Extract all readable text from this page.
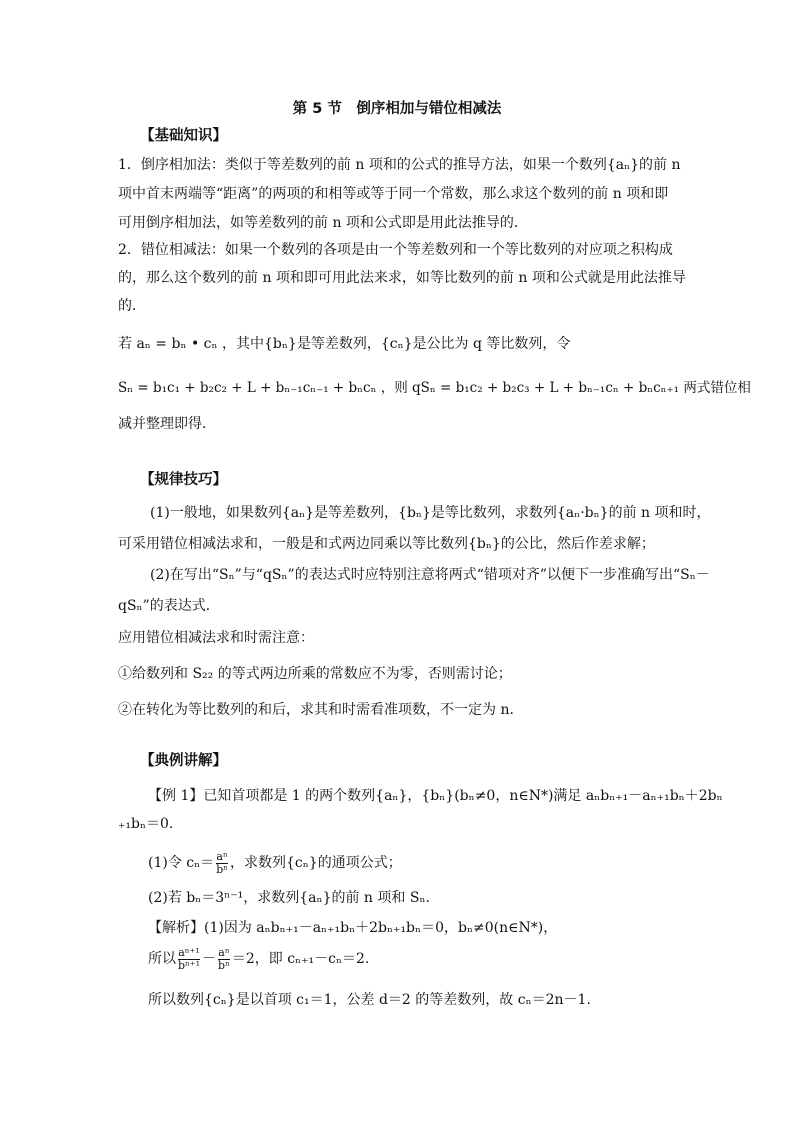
第 5 节　倒序相加与错位相减法
【基础知识】
1．倒序相加法：类似于等差数列的前 n 项和的公式的推导方法，如果一个数列{aₙ}的前 n
项中首末两端等“距离”的两项的和相等或等于同一个常数，那么求这个数列的前 n 项和即
可用倒序相加法，如等差数列的前 n 项和公式即是用此法推导的．
2．错位相减法：如果一个数列的各项是由一个等差数列和一个等比数列的对应项之积构成
的，那么这个数列的前 n 项和即可用此法来求，如等比数列的前 n 项和公式就是用此法推导
的．
若 aₙ = bₙ • cₙ ，其中{bₙ}是等差数列，{cₙ}是公比为 q 等比数列，令
Sₙ = b₁c₁ + b₂c₂ + L + bₙ₋₁cₙ₋₁ + bₙcₙ ，则 qSₙ = b₁c₂ + b₂c₃ + L + bₙ₋₁cₙ + bₙcₙ₊₁ 两式错位相
减并整理即得．
【规律技巧】
(1)一般地，如果数列{aₙ}是等差数列，{bₙ}是等比数列，求数列{aₙ·bₙ}的前 n 项和时，
可采用错位相减法求和，一般是和式两边同乘以等比数列{bₙ}的公比，然后作差求解；
(2)在写出“Sₙ”与“qSₙ”的表达式时应特别注意将两式“错项对齐”以便下一步准确写出“Sₙ－
qSₙ”的表达式．
应用错位相减法求和时需注意：
①给数列和 S₂₂ 的等式两边所乘的常数应不为零，否则需讨论；
②在转化为等比数列的和后，求其和时需看准项数，不一定为 n.
【典例讲解】
【例 1】已知首项都是 1 的两个数列{aₙ}，{bₙ}(bₙ≠0，n∈N*)满足 aₙbₙ₊₁－aₙ₊₁bₙ＋2bₙ
₊₁bₙ＝0.
(1)令 $c_n= \frac{\text{aⁿ}}{\text{bⁿ}}$ ，求数列{cₙ}的通项公式；
(2)若 bₙ＝3ⁿ⁻¹，求数列{aₙ}的前 n 项和 Sₙ.
【解析】(1)因为 aₙbₙ₊₁－aₙ₊₁bₙ＋2bₙ₊₁bₙ＝0，bₙ≠0(n∈N*)，
所以 $\frac{\text{aⁿ⁺¹}}{\text{bⁿ⁺¹}} - \frac{\text{aⁿ}}{\text{bⁿ}} =2$，即 cₙ₊₁－cₙ＝2.
所以数列{cₙ}是以首项 c₁＝1，公差 d＝2 的等差数列，故 cₙ＝2n－1.
